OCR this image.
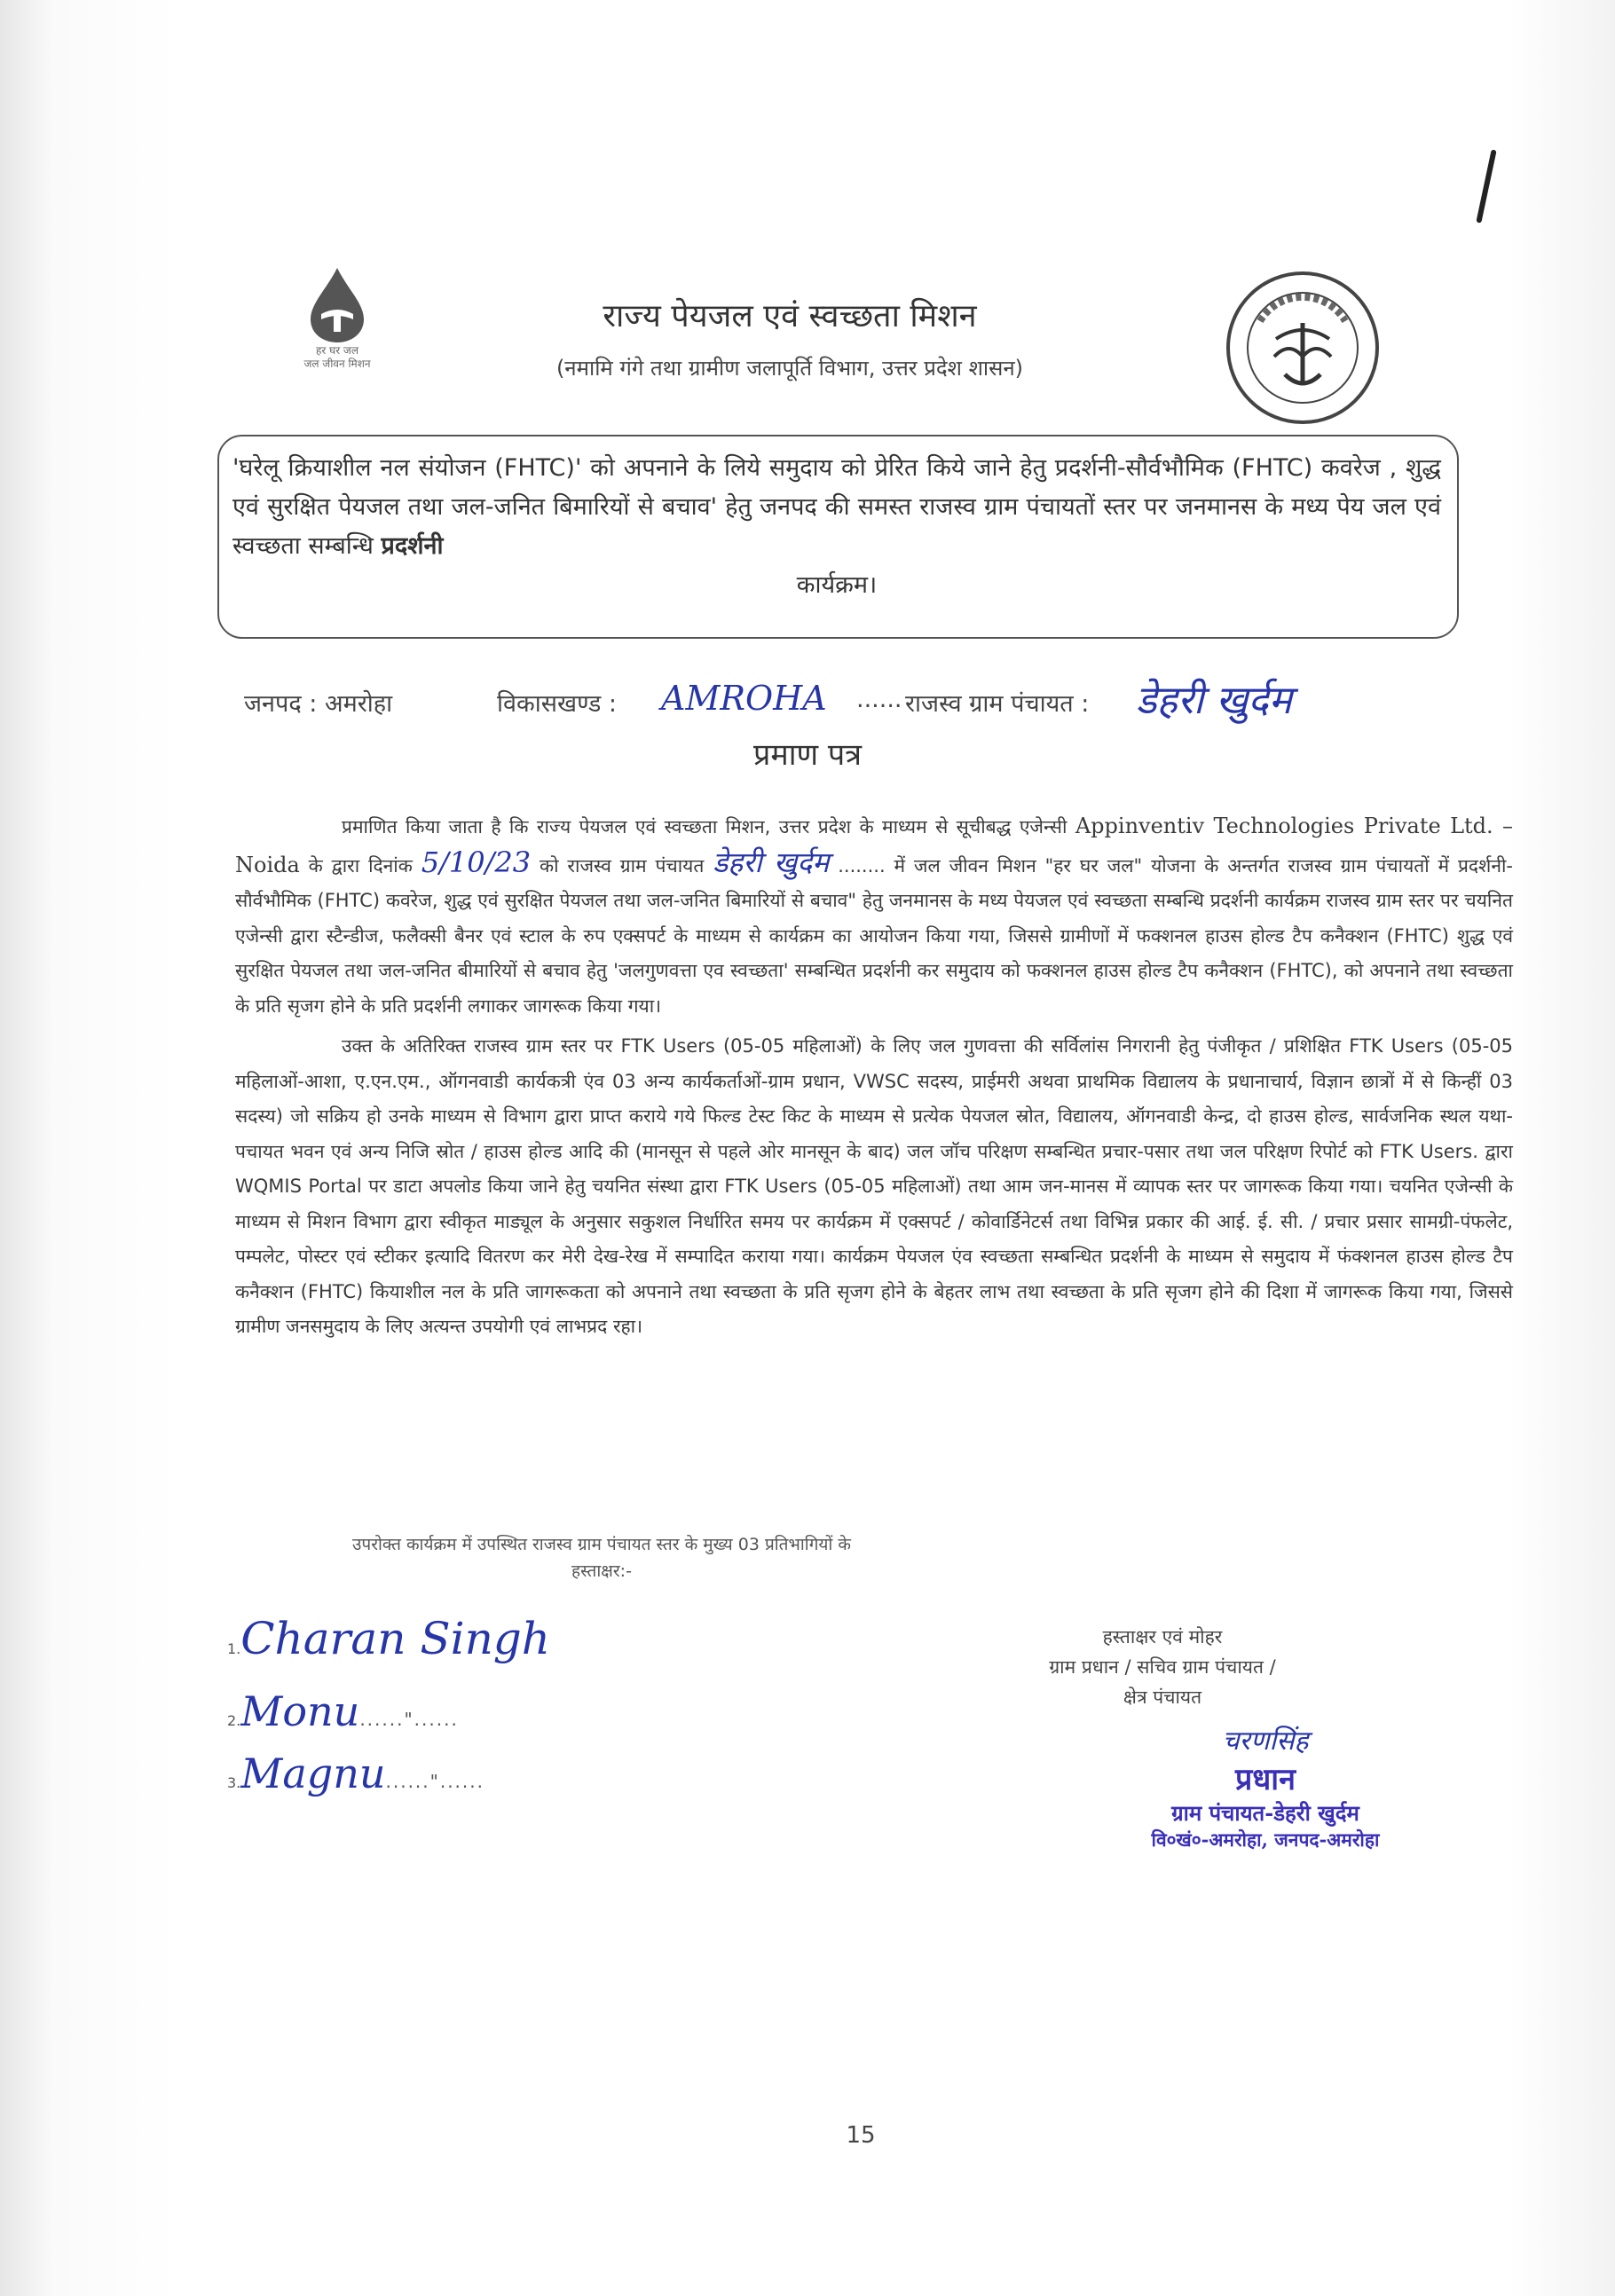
हर घर जल
जल जीवन मिशन
राज्य पेयजल एवं स्वच्छता मिशन
(नमामि गंगे तथा ग्रामीण जलापूर्ति विभाग, उत्तर प्रदेश शासन)
'घरेलू क्रियाशील नल संयोजन (FHTC)' को अपनाने के लिये समुदाय को प्रेरित किये जाने हेतु प्रदर्शनी-सौर्वभौमिक (FHTC) कवरेज , शुद्ध एवं सुरक्षित पेयजल तथा जल-जनित बिमारियों से बचाव' हेतु जनपद की समस्त राजस्व ग्राम पंचायतों स्तर पर जनमानस के मध्य पेय जल एवं स्वच्छता सम्बन्धि प्रदर्शनी
कार्यक्रम।
जनपद : अमरोहा	विकासखण्ड : AMROHA ...... राजस्व ग्राम पंचायत : डेहरी खुर्दम
प्रमाण पत्र

प्रमाणित किया जाता है कि राज्य पेयजल एवं स्वच्छता मिशन, उत्तर प्रदेश के माध्यम से सूचीबद्ध एजेन्सी Appinventiv Technologies Private Ltd. – Noida के द्वारा दिनांक 5/10/23 को राजस्व ग्राम पंचायत डेहरी खुर्दम ........ में जल जीवन मिशन "हर घर जल" योजना के अन्तर्गत राजस्व ग्राम पंचायतों में प्रदर्शनी-सौर्वभौमिक (FHTC) कवरेज, शुद्ध एवं सुरक्षित पेयजल तथा जल-जनित बिमारियों से बचाव" हेतु जनमानस के मध्य पेयजल एवं स्वच्छता सम्बन्धि प्रदर्शनी कार्यक्रम राजस्व ग्राम स्तर पर चयनित एजेन्सी द्वारा स्टैन्डीज, फलैक्सी बैनर एवं स्टाल के रुप एक्सपर्ट के माध्यम से कार्यक्रम का आयोजन किया गया, जिससे ग्रामीणों में फक्शनल हाउस होल्ड टैप कनैक्शन (FHTC) शुद्ध एवं सुरक्षित पेयजल तथा जल-जनित बीमारियों से बचाव हेतु 'जलगुणवत्ता एव स्वच्छता' सम्बन्धित प्रदर्शनी कर समुदाय को फक्शनल हाउस होल्ड टैप कनैक्शन (FHTC), को अपनाने तथा स्वच्छता के प्रति सृजग होने के प्रति प्रदर्शनी लगाकर जागरूक किया गया।

उक्त के अतिरिक्त राजस्व ग्राम स्तर पर FTK Users (05-05 महिलाओं) के लिए जल गुणवत्ता की सर्विलांस निगरानी हेतु पंजीकृत / प्रशिक्षित FTK Users (05-05 महिलाओं-आशा, ए.एन.एम., ऑगनवाडी कार्यकत्री एंव 03 अन्य कार्यकर्ताओं-ग्राम प्रधान, VWSC सदस्य, प्राईमरी अथवा प्राथमिक विद्यालय के प्रधानाचार्य, विज्ञान छात्रों में से किन्हीं 03 सदस्य) जो सक्रिय हो उनके माध्यम से विभाग द्वारा प्राप्त कराये गये फिल्ड टेस्ट किट के माध्यम से प्रत्येक पेयजल स्रोत, विद्यालय, ऑगनवाडी केन्द्र, दो हाउस होल्ड, सार्वजनिक स्थल यथा-पचायत भवन एवं अन्य निजि स्रोत / हाउस होल्ड आदि की (मानसून से पहले ओर मानसून के बाद) जल जॉच परिक्षण सम्बन्धित प्रचार-पसार तथा जल परिक्षण रिपोर्ट को FTK Users. द्वारा WQMIS Portal पर डाटा अपलोड किया जाने हेतु चयनित संस्था द्वारा FTK Users (05-05 महिलाओं) तथा आम जन-मानस में व्यापक स्तर पर जागरूक किया गया। चयनित एजेन्सी के माध्यम से मिशन विभाग द्वारा स्वीकृत माड्यूल के अनुसार सकुशल निर्धारित समय पर कार्यक्रम में एक्सपर्ट / कोवार्डिनेटर्स तथा विभिन्न प्रकार की आई. ई. सी. / प्रचार प्रसार सामग्री-पंफलेट, पम्पलेट, पोस्टर एवं स्टीकर इत्यादि वितरण कर मेरी देख-रेख में सम्पादित कराया गया। कार्यक्रम पेयजल एंव स्वच्छता सम्बन्धित प्रदर्शनी के माध्यम से समुदाय में फंक्शनल हाउस होल्ड टैप कनैक्शन (FHTC) कियाशील नल के प्रति जागरूकता को अपनाने तथा स्वच्छता के प्रति सृजग होने के बेहतर लाभ तथा स्वच्छता के प्रति सृजग होने की दिशा में जागरूक किया गया, जिससे ग्रामीण जनसमुदाय के लिए अत्यन्त उपयोगी एवं लाभप्रद रहा।

उपरोक्त कार्यक्रम में उपस्थित राजस्व ग्राम पंचायत स्तर के मुख्य 03 प्रतिभागियों के
हस्ताक्षर:-
1.Charan Singh
2.Monu......"......
3.Magnu......"......
हस्ताक्षर एवं मोहर
ग्राम प्रधान / सचिव ग्राम पंचायत /
क्षेत्र पंचायत
चरणसिंह
प्रधान
ग्राम पंचायत-डेहरी खुर्दम
वि०खं०-अमरोहा, जनपद-अमरोहा
15
